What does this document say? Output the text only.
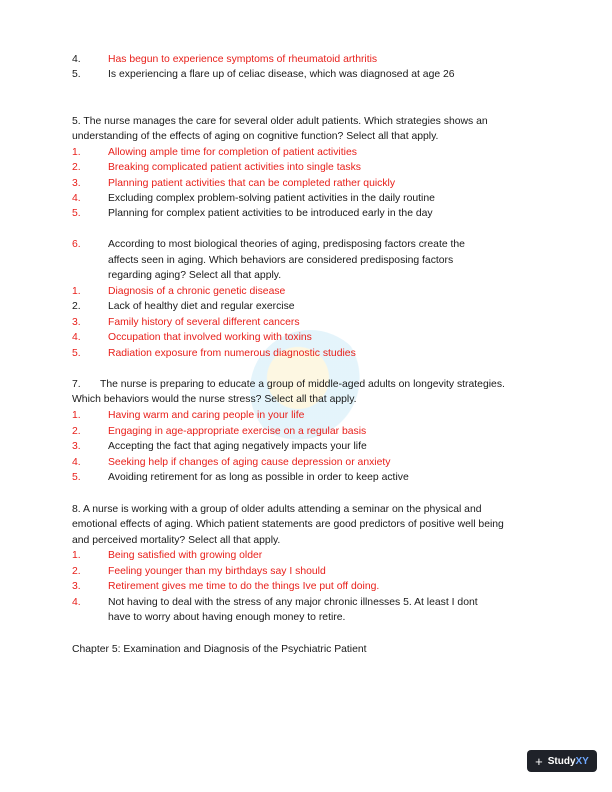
4.	Has begun to experience symptoms of rheumatoid arthritis
5.	Is experiencing a flare up of celiac disease, which was diagnosed at age 26
5. The nurse manages the care for several older adult patients. Which strategies shows an
understanding of the effects of aging on cognitive function? Select all that apply.
1.	Allowing ample time for completion of patient activities
2.	Breaking complicated patient activities into single tasks
3.	Planning patient activities that can be completed rather quickly
4.	Excluding complex problem-solving patient activities in the daily routine
5.	Planning for complex patient activities to be introduced early in the day
6.	According to most biological theories of aging, predisposing factors create the
affects seen in aging. Which behaviors are considered predisposing factors
regarding aging? Select all that apply.
1.	Diagnosis of a chronic genetic disease
2.	Lack of healthy diet and regular exercise
3.	Family history of several different cancers
4.	Occupation that involved working with toxins
5.	Radiation exposure from numerous diagnostic studies
7.	The nurse is preparing to educate a group of middle-aged adults on longevity strategies.
Which behaviors would the nurse stress? Select all that apply.
1.	Having warm and caring people in your life
2.	Engaging in age-appropriate exercise on a regular basis
3.	Accepting the fact that aging negatively impacts your life
4.	Seeking help if changes of aging cause depression or anxiety
5.	Avoiding retirement for as long as possible in order to keep active
8. A nurse is working with a group of older adults attending a seminar on the physical and
emotional effects of aging. Which patient statements are good predictors of positive well being
and perceived mortality? Select all that apply.
1.	Being satisfied with growing older
2.	Feeling younger than my birthdays say I should
3.	Retirement gives me time to do the things Ive put off doing.
4.	Not having to deal with the stress of any major chronic illnesses 5. At least I dont
have to worry about having enough money to retire.
Chapter 5: Examination and Diagnosis of the Psychiatric Patient
+ StudyXY
